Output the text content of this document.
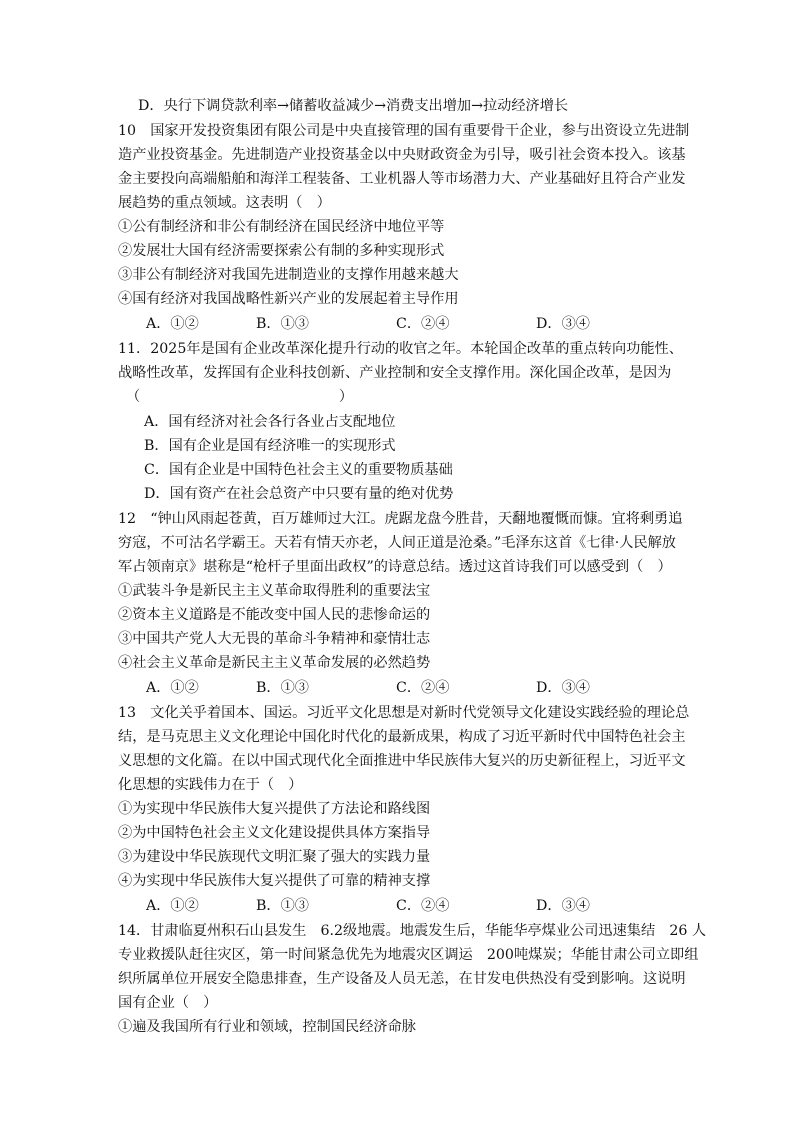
D．央行下调贷款利率→储蓄收益减少→消费支出增加→拉动经济增长
10　国家开发投资集团有限公司是中央直接管理的国有重要骨干企业，参与出资设立先进制
造产业投资基金。先进制造产业投资基金以中央财政资金为引导，吸引社会资本投入。该基
金主要投向高端船舶和海洋工程装备、工业机器人等市场潜力大、产业基础好且符合产业发
展趋势的重点领域。这表明（　）
①公有制经济和非公有制经济在国民经济中地位平等
②发展壮大国有经济需要探索公有制的多种实现形式
③非公有制经济对我国先进制造业的支撑作用越来越大
④国有经济对我国战略性新兴产业的发展起着主导作用
A．①②	B．①③	C．②④	D．③④
11．2025年是国有企业改革深化提升行动的收官之年。本轮国企改革的重点转向功能性、
战略性改革，发挥国有企业科技创新、产业控制和安全支撑作用。深化国企改革，是因为
（　　　　　　　　　　　　　　）
A．国有经济对社会各行各业占支配地位
B．国有企业是国有经济唯一的实现形式
C．国有企业是中国特色社会主义的重要物质基础
D．国有资产在社会总资产中只要有量的绝对优势
12　“钟山风雨起苍黄，百万雄师过大江。虎踞龙盘今胜昔，天翻地覆慨而慷。宜将剩勇追
穷寇，不可沽名学霸王。天若有情天亦老，人间正道是沧桑。”毛泽东这首《七律·人民解放
军占领南京》堪称是“枪杆子里面出政权”的诗意总结。透过这首诗我们可以感受到（　）
①武装斗争是新民主主义革命取得胜利的重要法宝
②资本主义道路是不能改变中国人民的悲惨命运的
③中国共产党人大无畏的革命斗争精神和豪情壮志
④社会主义革命是新民主主义革命发展的必然趋势
A．①②	B．①③	C．②④	D．③④
13　文化关乎着国本、国运。习近平文化思想是对新时代党领导文化建设实践经验的理论总
结，是马克思主义文化理论中国化时代化的最新成果，构成了习近平新时代中国特色社会主
义思想的文化篇。在以中国式现代化全面推进中华民族伟大复兴的历史新征程上，习近平文
化思想的实践伟力在于（　）
①为实现中华民族伟大复兴提供了方法论和路线图
②为中国特色社会主义文化建设提供具体方案指导
③为建设中华民族现代文明汇聚了强大的实践力量
④为实现中华民族伟大复兴提供了可靠的精神支撑
A．①②	B．①③	C．②④	D．③④
14．甘肃临夏州积石山县发生　6.2级地震。地震发生后，华能华亭煤业公司迅速集结　26 人
专业救援队赶往灾区，第一时间紧急优先为地震灾区调运　200吨煤炭；华能甘肃公司立即组
织所属单位开展安全隐患排查，生产设备及人员无恙，在甘发电供热没有受到影响。这说明
国有企业（　）
①遍及我国所有行业和领域，控制国民经济命脉
